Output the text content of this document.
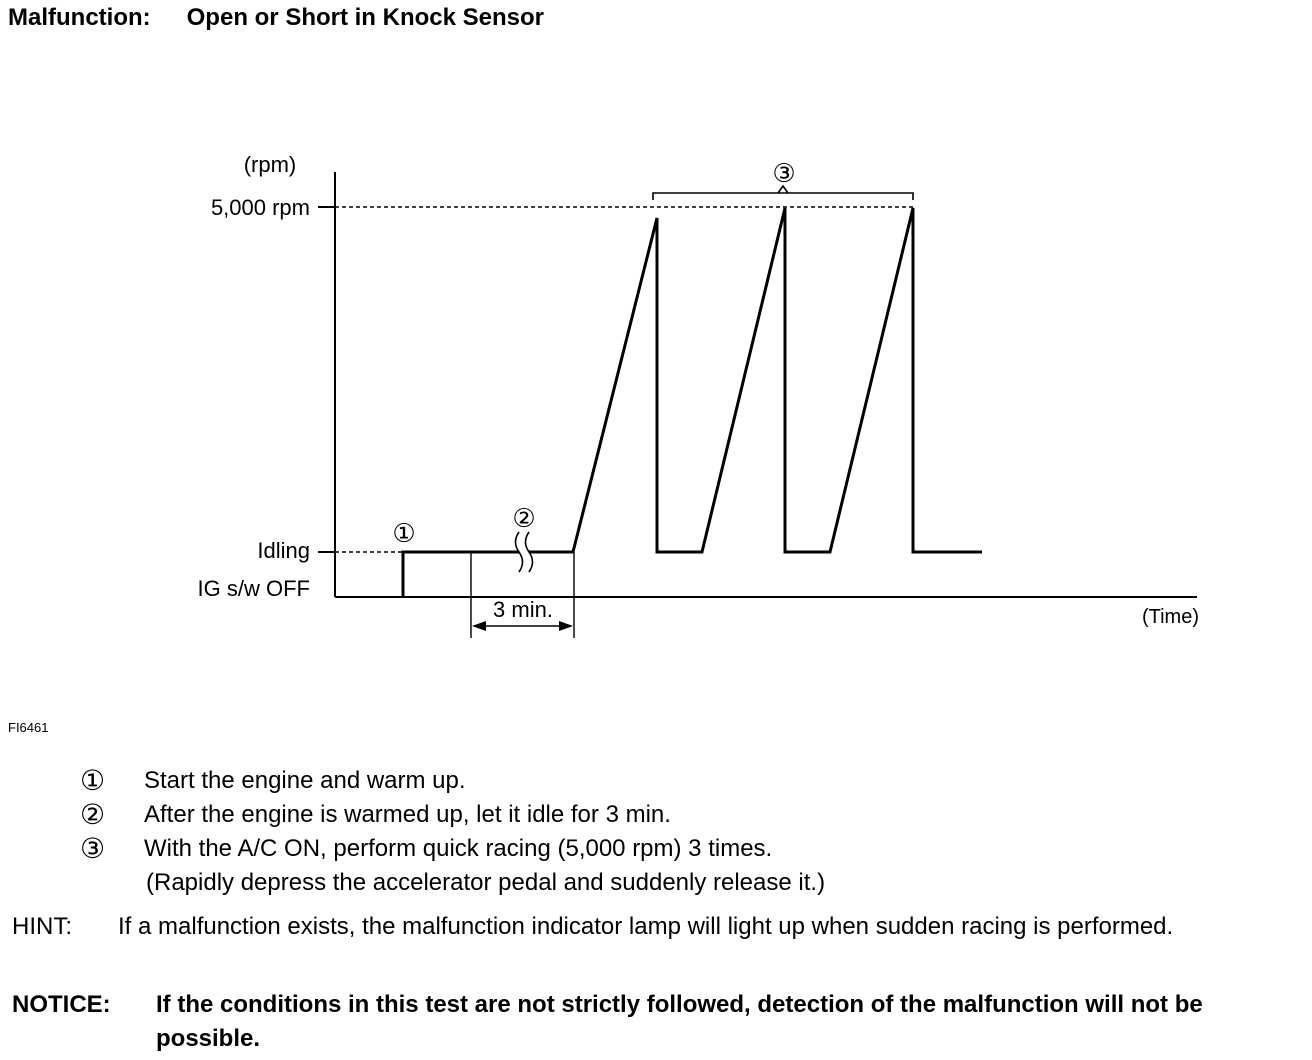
Malfunction: Open or Short in Knock Sensor
(rpm)
5,000 rpm
Idling
IG s/w OFF
(Time)
3 min.
①	②
③
FI6461
①	Start the engine and warm up.
②	After the engine is warmed up, let it idle for 3 min.
③	With the A/C ON, perform quick racing (5,000 rpm) 3 times.
(Rapidly depress the accelerator pedal and suddenly release it.)
HINT: If a malfunction exists, the malfunction indicator lamp will light up when sudden racing is performed.
NOTICE: If the conditions in this test are not strictly followed, detection of the malfunction will not be possible.
